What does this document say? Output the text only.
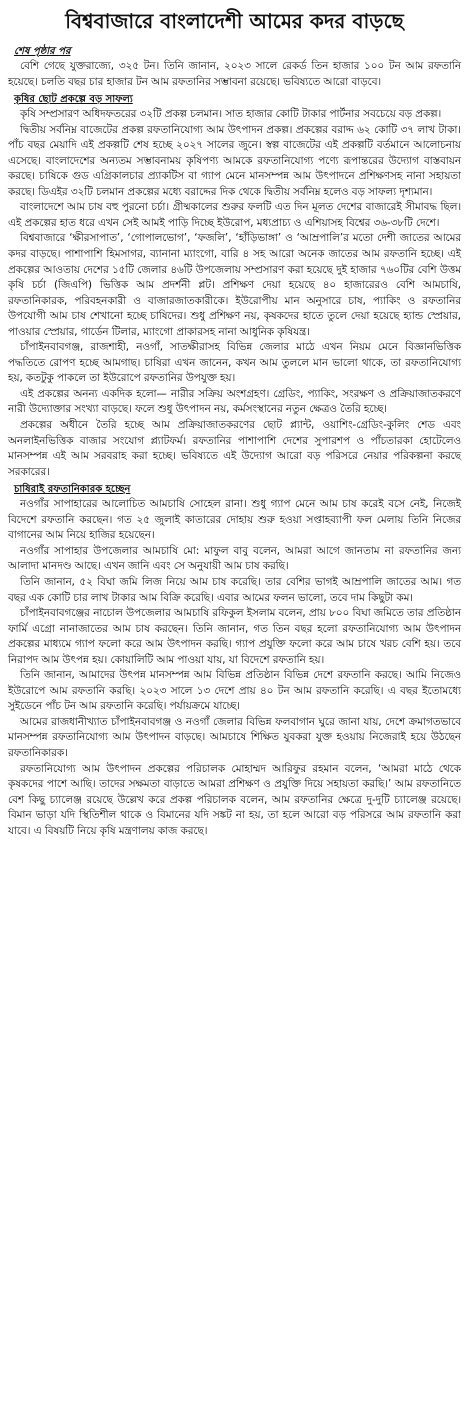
বিশ্ববাজারে বাংলাদেশী আমের কদর বাড়ছে
শেষ পৃষ্ঠার পর

বেশি গেছে যুক্তরাজ্যে, ৩২৫ টন। তিনি জানান, ২০২৩ সালে রেকর্ড তিন হাজার ১০০ টন আম রফতানি হয়েছে। চলতি বছর চার হাজার টন আম রফতানির সম্ভাবনা রয়েছে। ভবিষ্যতে আরো বাড়বে।

কৃষির ছোট প্রকল্পে বড় সাফল্য

কৃষি সম্প্রসারণ অধিদফতরের ৩২টি প্রকল্প চলমান। সাত হাজার কোটি টাকার পার্টনার সবচেয়ে বড় প্রকল্প।

দ্বিতীয় সর্বনিম্ন বাজেটের প্রকল্প রফতানিযোগ্য আম উৎপাদন প্রকল্প। প্রকল্পের বরাদ্দ ৬২ কোটি ৩৭ লাখ টাকা। পাঁচ বছর মেয়াদি এই প্রকল্পটি শেষ হচ্ছে ২০২৭ সালের জুনে। স্বল্প বাজেটের এই প্রকল্পটি বর্তমানে আলোচনায় এসেছে। বাংলাদেশের অন্যতম সম্ভাবনাময় কৃষিপণ্য আমকে রফতানিযোগ্য পণ্যে রূপান্তরের উদ্যোগ বাস্তবায়ন করছে। চাষিকে গুড এগ্রিকালচার প্র্যাকটিস বা গ্যাপ মেনে মানসম্পন্ন আম উৎপাদনে প্রশিক্ষণসহ নানা সহায়তা করছে। ডিএইর ৩২টি চলমান প্রকল্পের মধ্যে বরাদ্দের দিক থেকে দ্বিতীয় সর্বনিম্ন হলেও বড় সাফল্য দৃশ্যমান।

বাংলাদেশে আম চাষ বহু পুরনো চর্চা। গ্রীষ্মকালের শুরুর ফলটি এত দিন মূলত দেশের বাজারেই সীমাবদ্ধ ছিল। এই প্রকল্পের হাত ধরে এখন সেই আমই পাড়ি দিচ্ছে ইউরোপ, মধ্যপ্রাচ্য ও এশিয়াসহ বিশ্বের ৩৬-৩৮টি দেশে।

বিশ্ববাজারে ‘ক্ষীরসাপাত’, ‘গোপালভোগ’, ‘ফজলি’, ‘হাঁড়িভাঙ্গা’ ও ‘আম্রপালি’র মতো দেশী জাতের আমের কদর বাড়ছে। পাশাপাশি হিমসাগর, ব্যানানা ম্যাংগো, বারি ৪ সহ আরো অনেক জাতের আম রফতানি হচ্ছে। এই প্রকল্পের আওতায় দেশের ১৫টি জেলার ৪৬টি উপজেলায় সম্প্রসারণ করা হয়েছে দুই হাজার ৭৬০টির বেশি উত্তম কৃষি চর্চা (জিএপি) ভিত্তিক আম প্রদর্শনী প্লট। প্রশিক্ষণ দেয়া হয়েছে ৪০ হাজারেরও বেশি আমচাষি, রফতানিকারক, পরিবহনকারী ও বাজারজাতকারীকে। ইউরোপীয় মান অনুসারে চাষ, প্যাকিং ও রফতানির উপযোগী আম চাষ শেখানো হচ্ছে চাষিদের। শুধু প্রশিক্ষণ নয়, কৃষকদের হাতে তুলে দেয়া হয়েছে হ্যান্ড স্প্রেয়ার, পাওয়ার স্প্রেয়ার, গার্ডেন টিলার, ম্যাংগো প্রাকারসহ নানা আধুনিক কৃষিযন্ত্র।

চাঁপাইনবাবগঞ্জ, রাজশাহী, নওগাঁ, সাতক্ষীরাসহ বিভিন্ন জেলার মাঠে এখন নিয়ম মেনে বিজ্ঞানভিত্তিক পদ্ধতিতে রোপণ হচ্ছে আমগাছ। চাষিরা এখন জানেন, কখন আম তুললে মান ভালো থাকে, তা রফতানিযোগ্য হয়, কতটুকু পাকলে তা ইউরোপে রফতানির উপযুক্ত হয়।

এই প্রকল্পের অনন্য একদিক হলো— নারীর সক্রিয় অংশগ্রহণ। গ্রেডিং, প্যাকিং, সংরক্ষণ ও প্রক্রিয়াজাতকরণে নারী উদ্যোক্তার সংখ্যা বাড়ছে। ফলে শুধু উৎপাদন নয়, কর্মসংস্থানের নতুন ক্ষেত্রও তৈরি হচ্ছে।

প্রকল্পের অধীনে তৈরি হচ্ছে আম প্রক্রিয়াজাতকরণের ছোট প্ল্যান্ট, ওয়াশিং-গ্রেডিং-কুলিং শেড এবং অনলাইনভিত্তিক বাজার সংযোগ প্ল্যাটফর্ম। রফতানির পাশাপাশি দেশের সুপারশপ ও পাঁচতারকা হোটেলেও মানসম্পন্ন এই আম সরবরাহ করা হচ্ছে। ভবিষ্যতে এই উদ্যোগ আরো বড় পরিসরে নেয়ার পরিকল্পনা করছে সরকারের।

চাষিরাই রফতানিকারক হচ্ছেন

নওগাঁর সাপাহারের আলোচিত আমচাষি সোহেল রানা। শুধু গ্যাপ মেনে আম চাষ করেই বসে নেই, নিজেই বিদেশে রফতানি করছেন। গত ২৫ জুলাই কাতারের দোহায় শুরু হওয়া সপ্তাহব্যাপী ফল মেলায় তিনি নিজের বাগানের আম নিয়ে হাজির হয়েছেন।

নওগাঁর সাপাহার উপজেলার আমচাষি মো: মাফুল বাবু বলেন, আমরা আগে জানতাম না রফতানির জন্য আলাদা মানদণ্ড আছে। এখন জানি এবং সে অনুযায়ী আম চাষ করছি।

তিনি জানান, ৫২ বিঘা জমি লিজ নিয়ে আম চাষ করেছি। তার বেশির ভাগই আম্রপালি জাতের আম। গত বছর এক কোটি চার লাখ টাকার আম বিক্রি করেছি। এবার আমের ফলন ভালো, তবে দাম কিছুটা কম।

চাঁপাইনবাবগঞ্জের নাচোল উপজেলার আমচাষি রফিকুল ইসলাম বলেন, প্রায় ৮০০ বিঘা জমিতে তার প্রতিষ্ঠান ফার্মি এগ্রো নানাজাতের আম চাষ করছেন। তিনি জানান, গত তিন বছর হলো রফতানিযোগ্য আম উৎপাদন প্রকল্পের মাধ্যমে গ্যাপ ফলো করে আম উৎপাদন করছি। গ্যাপ প্রযুক্তি ফলো করে আম চাষে খরচ বেশি হয়। তবে নিরাপদ আম উৎপন্ন হয়। কোয়ালিটি আম পাওয়া যায়, যা বিদেশে রফতানি হয়।

তিনি জানান, আমাদের উৎপন্ন মানসম্পন্ন আম বিভিন্ন প্রতিষ্ঠান বিভিন্ন দেশে রফতানি করছে। আমি নিজেও ইউরোপে আম রফতানি করছি। ২০২৩ সালে ১৩ দেশে প্রায় ৪০ টন আম রফতানি করেছি। এ বছর ইতোমধ্যে সুইডেনে পাঁচ টন আম রফতানি করেছি। পর্যায়ক্রমে যাচ্ছে।

আমের রাজধানীখ্যাত চাঁপাইনবাবগঞ্জ ও নওগাঁ জেলার বিভিন্ন ফলবাগান ঘুরে জানা যায়, দেশে ক্রমাগতভাবে মানসম্পন্ন রফতানিযোগ্য আম উৎপাদন বাড়ছে। আমচাষে শিক্ষিত যুবকরা যুক্ত হওয়ায় নিজেরাই হয়ে উঠছেন রফতানিকারক।

রফতানিযোগ্য আম উৎপাদন প্রকল্পের পরিচালক মোহাম্মদ আরিফুর রহমান বলেন, ‘আমরা মাঠে থেকে কৃষকদের পাশে আছি। তাদের সক্ষমতা বাড়াতে আমরা প্রশিক্ষণ ও প্রযুক্তি দিয়ে সহায়তা করছি।’ আম রফতানিতে বেশ কিছু চ্যালেঞ্জ রয়েছে উল্লেখ করে প্রকল্প পরিচালক বলেন, আম রফতানির ক্ষেত্রে দু-দুটি চ্যালেঞ্জ রয়েছে। বিমান ভাড়া যদি স্থিতিশীল থাকে ও বিমানের যদি সঙ্কট না হয়, তা হলে আরো বড় পরিসরে আম রফতানি করা যাবে। এ বিষয়টি নিয়ে কৃষি মন্ত্রণালয় কাজ করছে।
